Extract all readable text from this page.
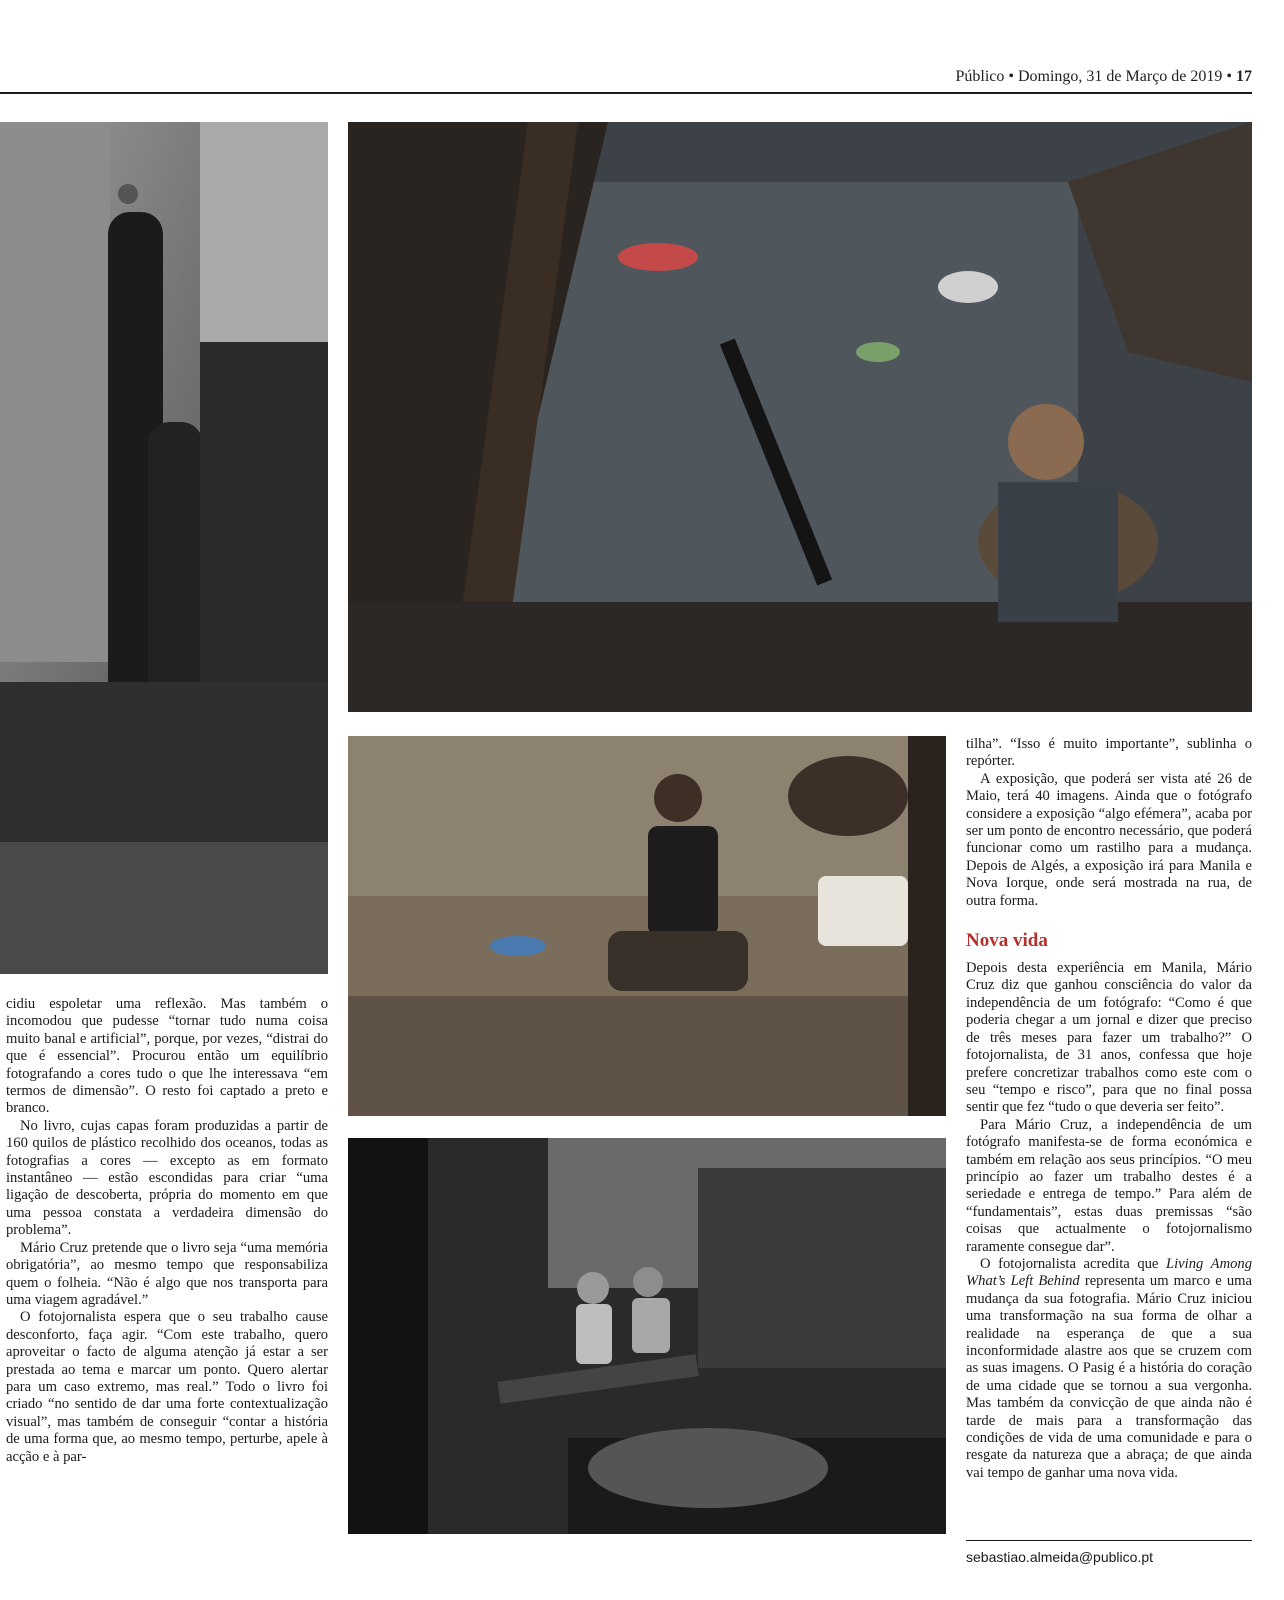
Público • Domingo, 31 de Março de 2019 • 17

cidiu espoletar uma reflexão. Mas também o incomodou que pudesse “tornar tudo numa coisa muito banal e artificial”, porque, por vezes, “distrai do que é essencial”. Procurou então um equilíbrio fotografando a cores tudo o que lhe interessava “em termos de dimensão”. O resto foi captado a preto e branco.

No livro, cujas capas foram produzidas a partir de 160 quilos de plástico recolhido dos oceanos, todas as fotografias a cores — excepto as em formato instantâneo — estão escondidas para criar “uma ligação de descoberta, própria do momento em que uma pessoa constata a verdadeira dimensão do problema”.

Mário Cruz pretende que o livro seja “uma memória obrigatória”, ao mesmo tempo que responsabiliza quem o folheia. “Não é algo que nos transporta para uma viagem agradável.”

O fotojornalista espera que o seu trabalho cause desconforto, faça agir. “Com este trabalho, quero aproveitar o facto de alguma atenção já estar a ser prestada ao tema e marcar um ponto. Quero alertar para um caso extremo, mas real.” Todo o livro foi criado “no sentido de dar uma forte contextualização visual”, mas também de conseguir “contar a história de uma forma que, ao mesmo tempo, perturbe, apele à acção e à par-

tilha”. “Isso é muito importante”, sublinha o repórter.

A exposição, que poderá ser vista até 26 de Maio, terá 40 imagens. Ainda que o fotógrafo considere a exposição “algo efémera”, acaba por ser um ponto de encontro necessário, que poderá funcionar como um rastilho para a mudança. Depois de Algés, a exposição irá para Manila e Nova Iorque, onde será mostrada na rua, de outra forma.

Nova vida

Depois desta experiência em Manila, Mário Cruz diz que ganhou consciência do valor da independência de um fotógrafo: “Como é que poderia chegar a um jornal e dizer que preciso de três meses para fazer um trabalho?” O fotojornalista, de 31 anos, confessa que hoje prefere concretizar trabalhos como este com o seu “tempo e risco”, para que no final possa sentir que fez “tudo o que deveria ser feito”.

Para Mário Cruz, a independência de um fotógrafo manifesta-se de forma económica e também em relação aos seus princípios. “O meu princípio ao fazer um trabalho destes é a seriedade e entrega de tempo.” Para além de “fundamentais”, estas duas premissas “são coisas que actualmente o fotojornalismo raramente consegue dar”.

O fotojornalista acredita que Living Among What’s Left Behind representa um marco e uma mudança da sua fotografia. Mário Cruz iniciou uma transformação na sua forma de olhar a realidade na esperança de que a sua inconformidade alastre aos que se cruzem com as suas imagens. O Pasig é a história do coração de uma cidade que se tornou a sua vergonha. Mas também da convicção de que ainda não é tarde de mais para a transformação das condições de vida de uma comunidade e para o resgate da natureza que a abraça; de que ainda vai tempo de ganhar uma nova vida.

sebastiao.almeida@publico.pt
